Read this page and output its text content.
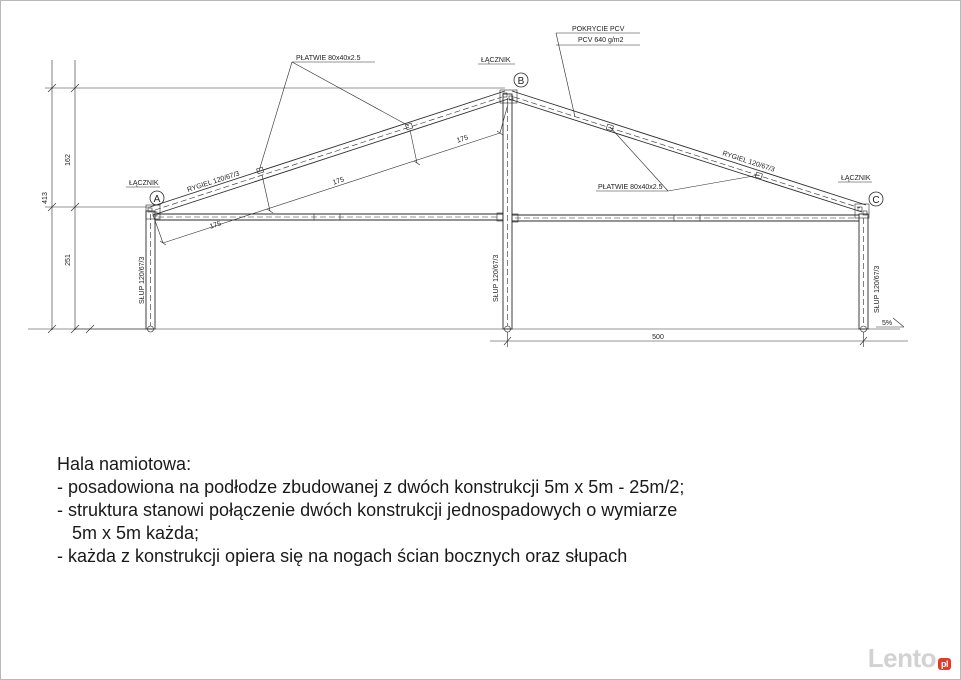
413
162
251
175
175
175
500
PŁATWIE 80x40x2.5
PŁATWIE 80x40x2.5
POKRYCIE PCV
PCV 640 g/m2
RYGIEL 120/67/3
RYGIEL 120/67/3
ŁĄCZNIK
A
ŁĄCZNIK
B
ŁĄCZNIK
C
SŁUP 120/67/3	SŁUP 120/67/3	SŁUP 120/67/3
5%
Hala namiotowa:
- posadowiona na podłodze zbudowanej z dwóch konstrukcji 5m x 5m - 25m/2;
- struktura stanowi połączenie dwóch konstrukcji jednospadowych o wymiarze
5m x 5m każda;
- każda z konstrukcji opiera się na nogach ścian bocznych oraz słupach
Lento pl
